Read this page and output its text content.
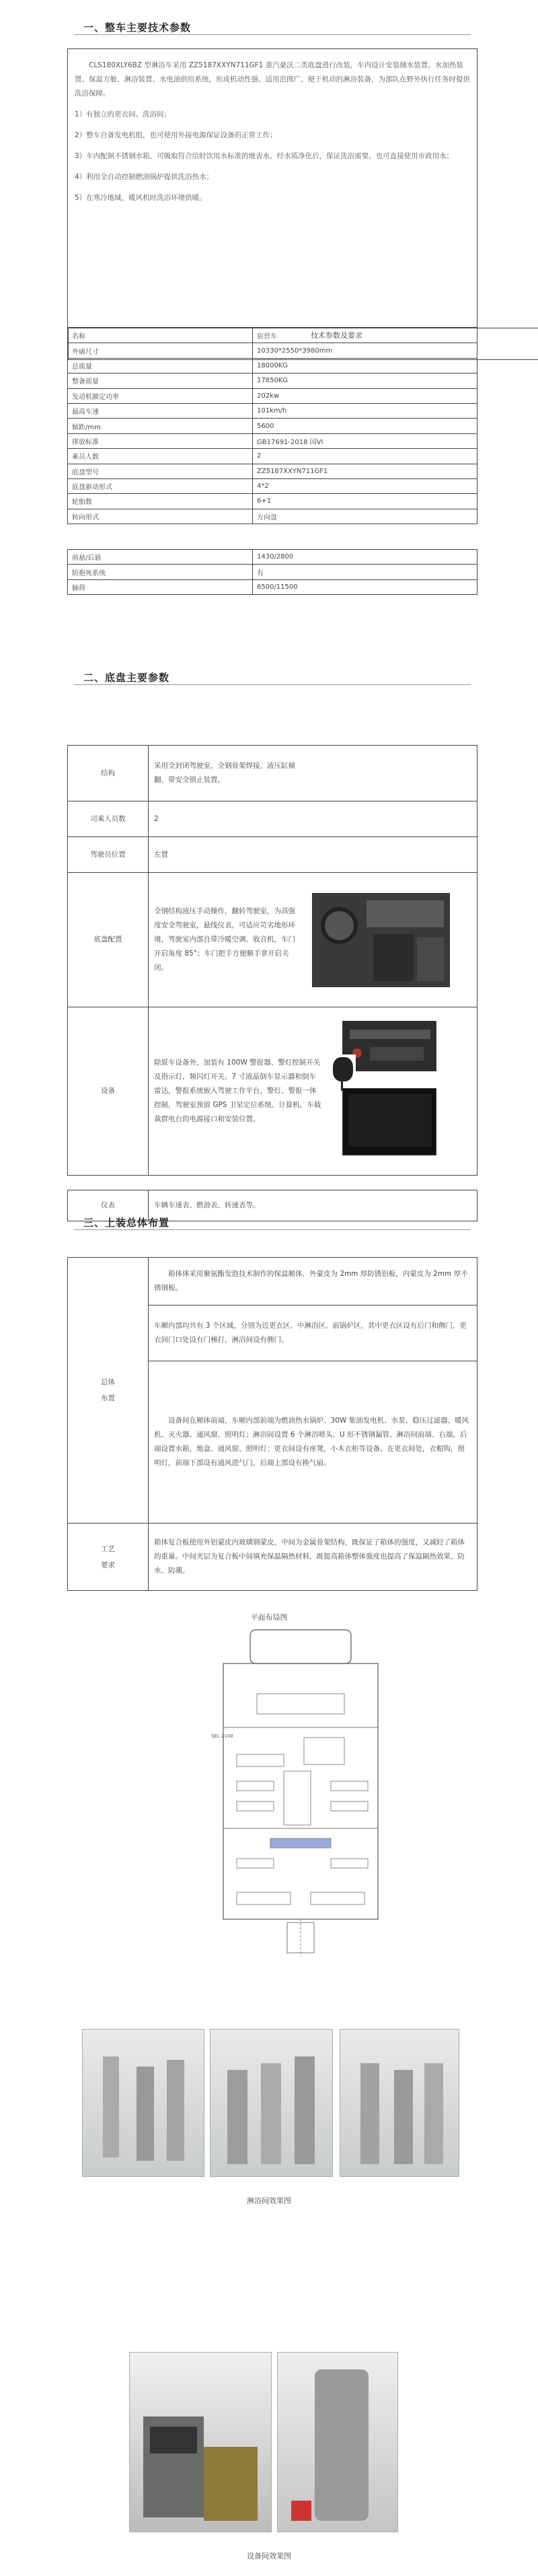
一、整车主要技术参数

CLS180XLY6BZ 型淋浴车采用 ZZ5187XXYN711GF1 重汽豪沃二类底盘进行改装，车内设计安装储水装置、水加热装置、保温方舱、淋浴装置、水电油供给系统，形成机动性强、适用范围广，便于机动的淋浴装备，为部队在野外执行任务时提供洗浴保障。

1）有独立的更衣间、洗浴间；

2）整车自备发电机组，也可使用外接电源保证设备的正常工作；

3）车内配制不锈钢水箱，可吸取符合给时饮用水标准的地表水，经水质净化后，保证洗浴需要，也可直接使用市政用水；

4）利用全自动控制燃油锅炉提供洗浴热水；

5）在寒冷地域，暖风机时洗浴环境供暖。

技术参数及要求

名称	宿营车
外廓尺寸	10330*2550*3980mm
总质量	18000KG
整备质量	17850KG
发动机额定功率	202kw
最高车速	101km/h
轴距/mm	5600
排放标准	GB17691-2018 国VI
乘员人数	2
底盘型号	ZZ5187XXYN711GF1
底盘驱动形式	4*2
轮胎数	6+1
转向形式	方向盘

前悬/后悬	1430/2800
防抱死系统	有
轴荷	6500/11500
二、底盘主要参数
结构	采用全封闭驾驶室，全钢骨架焊接，液压缸倾翻，带安全锁止装置。
司乘人员数	2
驾驶员位置	左置
底盘配置	全钢结构液压手动操作，翻转驾驶室，为高强度安全驾驶室，悬线仪表，可适应苛劣地形环境，驾驶室内部自带冷暖空调、收音机，车门开启角度 85°；车门把手方便顺手拿开启关闭。

设备	除原车设备外，加装有 100W 警报器、警灯控制开关及指示灯，频闪灯开关，7 寸液晶倒车显示器和倒车雷达，警报系统嵌入驾驶工作平台，警灯、警报一体控制，驾驶室预留 GPS 卫星定位系统、计算机、车载裁群电台的电源接口和安装位置。

仪表	车辆车速表、燃油表、转速表等。
三、上装总体布置
总体布置	箱体体采用聚氨酯发泡技术制作的保温厢体，外蒙皮为 2mm 厚防锈铝板，内蒙皮为 2mm 厚不锈钢板。
	车厢内部均共有 3 个区域，分别为近更衣区、中淋浴区、前锅炉区，其中更衣区设有后门和侧门，更衣间门口处设有门梯打，淋浴间设有侧门。
	设备间在厢体前端，车厢内部前端为燃油热水锅炉、30W 柴油发电机、水泵、稳压过滤器、暖风机、灭火器、通风窗、照明灯；淋浴间设置 6 个淋浴喷头、U 形不锈钢漏管、淋浴间前端、右端，后端设置水箱，地盒、通风窗、照明灯；更衣间设有座凳，小木衣柜等设备。在更衣间处，衣帽钩，照明灯，前端下部设有通风进气门，后端上部设有换气扇。
工艺要求	箱体复合板使用外铝蒙皮内玻璃钢蒙皮，中间为金属骨架结构，既保证了箱体的强度，又减轻了箱体的重量。中间夹层为复合板中间填充保温隔热材料，既提高箱体整体强度也提高了保温隔热效果、防水、防潮。
平面布局图
SEL 2100
淋浴间效果图
设备间效果图
